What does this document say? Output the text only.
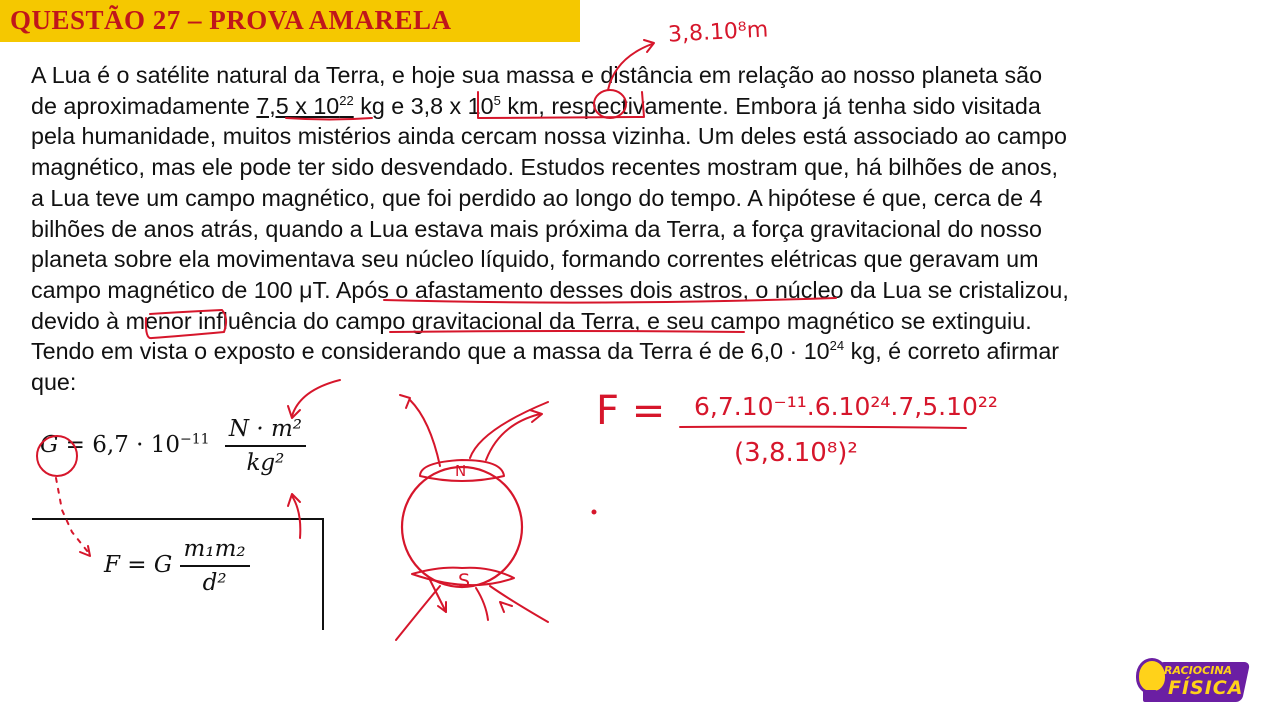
QUESTÃO 27 – PROVA AMARELA
A Lua é o satélite natural da Terra, e hoje sua massa e distância em relação ao nosso planeta são
de aproximadamente 7,5 x $10^{22}$ kg e 3,8 x $10^5$ km, respectivamente. Embora já tenha sido visitada
pela humanidade, muitos mistérios ainda cercam nossa vizinha. Um deles está associado ao campo
magnético, mas ele pode ter sido desvendado. Estudos recentes mostram que, há bilhões de anos,
a Lua teve um campo magnético, que foi perdido ao longo do tempo. A hipótese é que, cerca de 4
bilhões de anos atrás, quando a Lua estava mais próxima da Terra, a força gravitacional do nosso
planeta sobre ela movimentava seu núcleo líquido, formando correntes elétricas que geravam um
campo magnético de 100 μT. Após o afastamento desses dois astros, o núcleo da Lua se cristalizou,
devido à menor influência do campo gravitacional da Terra, e seu campo magnético se extinguiu.
Tendo em vista o exposto e considerando que a massa da Terra é de $6,0 \cdot 10^{24}$ kg, é correto afirmar
que:
$G = 6,7 \cdot 10^{-11} \frac{\text{N · m²}}{\text{kg²}}$
F = G $\frac{\text{m₁m₂}}{\text{d²}}$
3,8.10⁸m
N
S
F = 6,7.10⁻¹¹.6.10²⁴.7,5.10²²
(3,8.10⁸)²
RACIOCINA
FÍSICA
